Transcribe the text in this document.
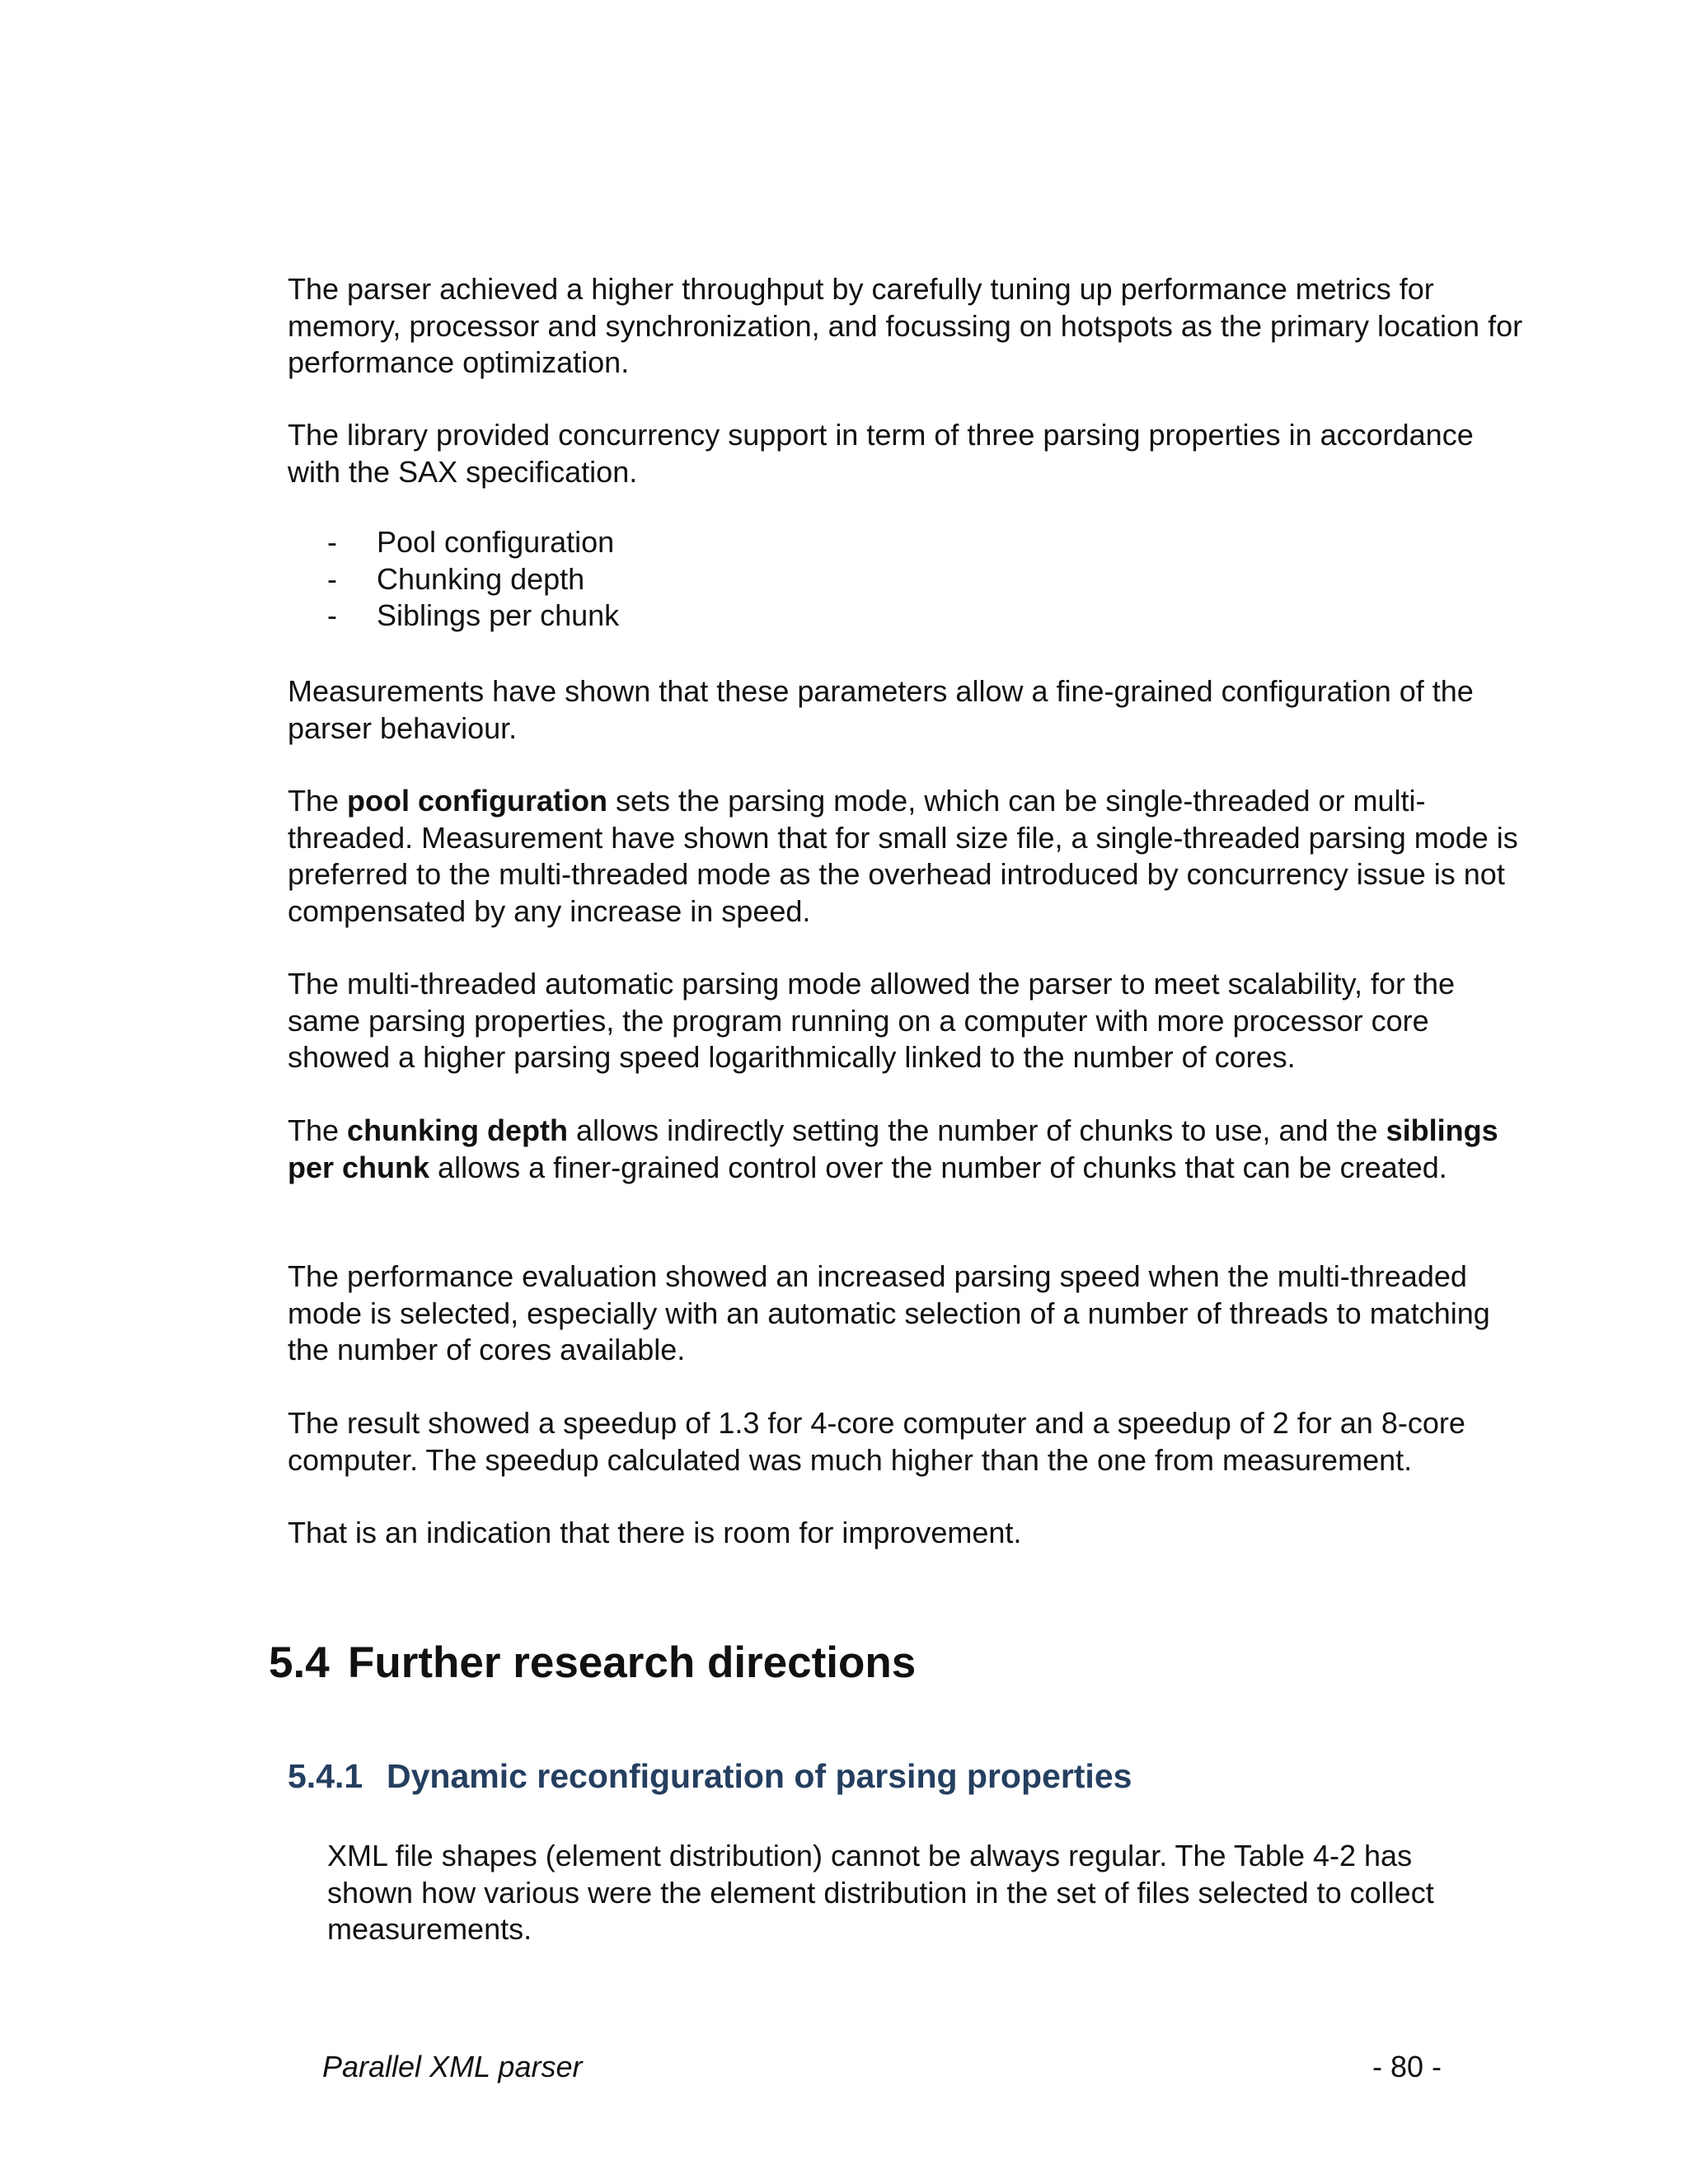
The parser achieved a higher throughput by carefully tuning up performance metrics for memory, processor and synchronization, and focussing on hotspots as the primary location for performance optimization.

The library provided concurrency support in term of three parsing properties in accordance with the SAX specification.

- Pool configuration
- Chunking depth
- Siblings per chunk

Measurements have shown that these parameters allow a fine-grained configuration of the parser behaviour.

The pool configuration sets the parsing mode, which can be single-threaded or multi-threaded. Measurement have shown that for small size file, a single-threaded parsing mode is preferred to the multi-threaded mode as the overhead introduced by concurrency issue is not compensated by any increase in speed.

The multi-threaded automatic parsing mode allowed the parser to meet scalability, for the same parsing properties, the program running on a computer with more processor core showed a higher parsing speed logarithmically linked to the number of cores.

The chunking depth allows indirectly setting the number of chunks to use, and the siblings per chunk allows a finer-grained control over the number of chunks that can be created.

The performance evaluation showed an increased parsing speed when the multi-threaded mode is selected, especially with an automatic selection of a number of threads to matching the number of cores available.

The result showed a speedup of 1.3 for 4-core computer and a speedup of 2 for an 8-core computer. The speedup calculated was much higher than the one from measurement.

That is an indication that there is room for improvement.

5.4 Further research directions
5.4.1 Dynamic reconfiguration of parsing properties

XML file shapes (element distribution) cannot be always regular. The Table 4-2 has shown how various were the element distribution in the set of files selected to collect measurements.

Parallel XML parser	- 80 -
